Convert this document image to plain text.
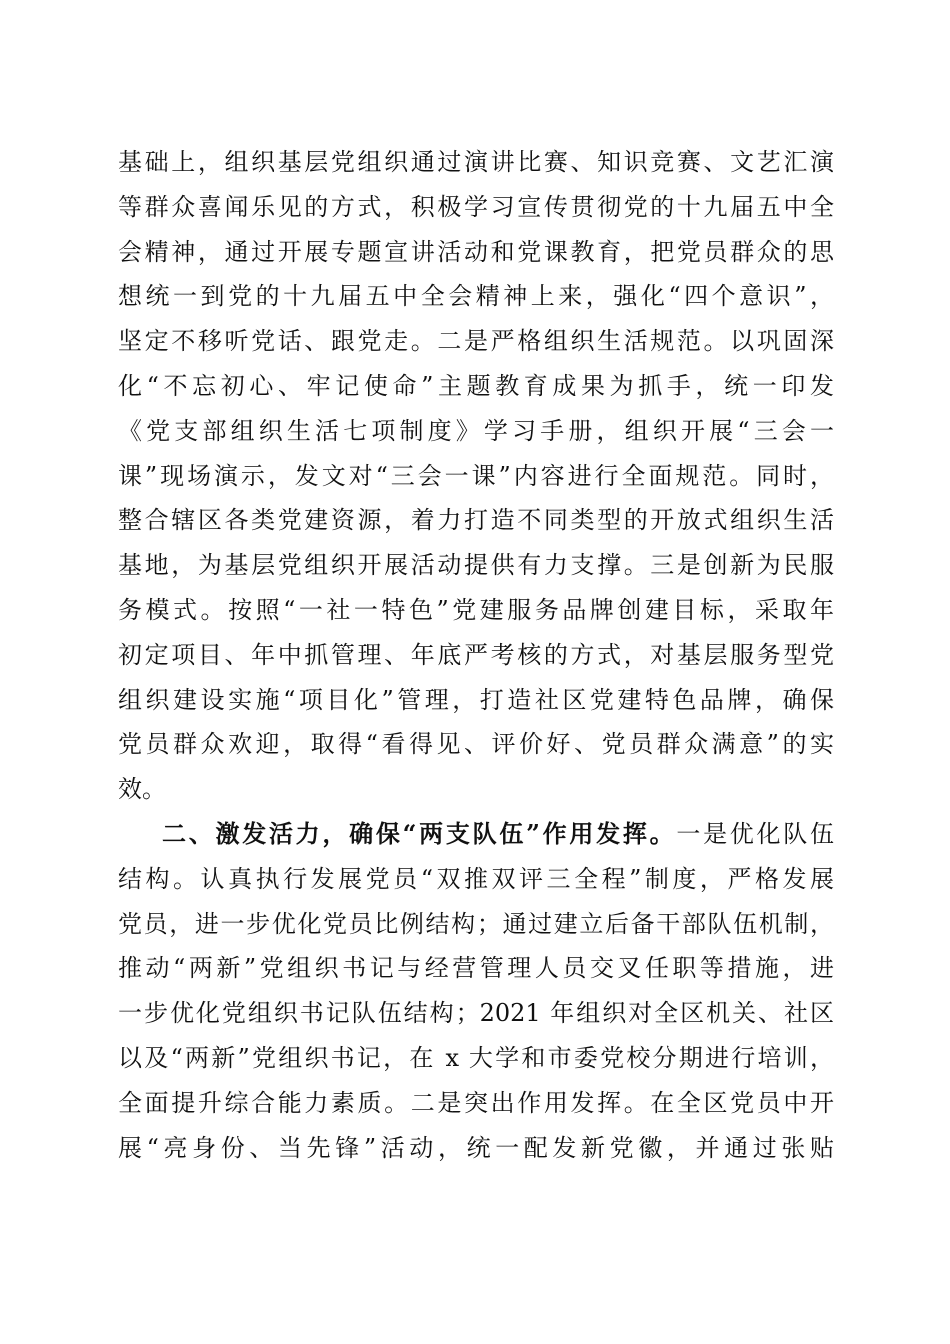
基础上，组织基层党组织通过演讲比赛、知识竞赛、文艺汇演
等群众喜闻乐见的方式，积极学习宣传贯彻党的十九届五中全
会精神，通过开展专题宣讲活动和党课教育，把党员群众的思
想统一到党的十九届五中全会精神上来，强化“四个意识”，
坚定不移听党话、跟党走。二是严格组织生活规范。以巩固深
化“不忘初心、牢记使命”主题教育成果为抓手，统一印发
《党支部组织生活七项制度》学习手册，组织开展“三会一
课”现场演示，发文对“三会一课”内容进行全面规范。同时，
整合辖区各类党建资源，着力打造不同类型的开放式组织生活
基地，为基层党组织开展活动提供有力支撑。三是创新为民服
务模式。按照“一社一特色”党建服务品牌创建目标，采取年
初定项目、年中抓管理、年底严考核的方式，对基层服务型党
组织建设实施“项目化”管理，打造社区党建特色品牌，确保
党员群众欢迎，取得“看得见、评价好、党员群众满意”的实
效。
二、激发活力，确保“两支队伍”作用发挥。一是优化队伍
结构。认真执行发展党员“双推双评三全程”制度，严格发展
党员，进一步优化党员比例结构；通过建立后备干部队伍机制，
推动“两新”党组织书记与经营管理人员交叉任职等措施，进
一步优化党组织书记队伍结构；2021 年组织对全区机关、社区
以及“两新”党组织书记，在 x 大学和市委党校分期进行培训，
全面提升综合能力素质。二是突出作用发挥。在全区党员中开
展“亮身份、当先锋”活动，统一配发新党徽，并通过张贴
